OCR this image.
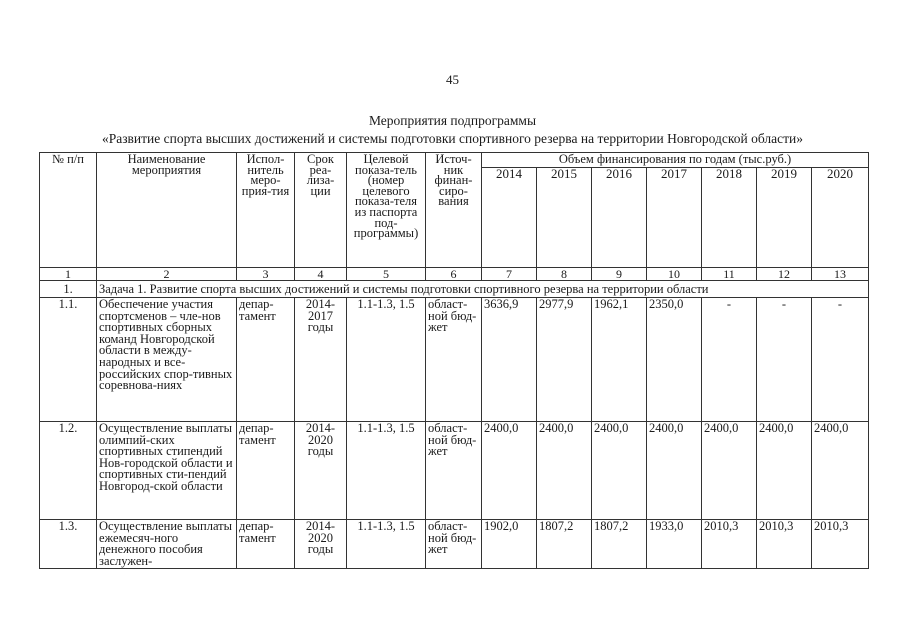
45
Мероприятия подпрограммы
«Развитие спорта высших достижений и системы подготовки спортивного резерва на территории Новгородской области»
№ п/п	Наименование мероприятия	Испол-нитель меро-прия-тия	Срок реа-лиза-ции	Целевой показа-тель (номер целевого показа-теля из паспорта под-программы)	Источ-ник финан-сиро-вания	Объем финансирования по годам (тыс.руб.)						
						2014	2015	2016	2017	2018	2019	2020
1	2	3	4	5	6	7	8	9	10	11	12	13
1.	Задача 1. Развитие спорта высших достижений и системы подготовки спортивного резерва на территории области											
1.1.	Обеспечение участия спортсменов – чле-нов спортивных сборных команд Новгородской области в между-народных и все-российских спор-тивных соревнова-ниях	депар-тамент	2014-2017 годы	1.1-1.3, 1.5	област-ной бюд-жет	3636,9	2977,9	1962,1	2350,0	-	-	-
1.2.	Осуществление выплаты олимпий-ских спортивных стипендий Нов-городской области и спортивных сти-пендий Новгород-ской области	депар-тамент	2014-2020 годы	1.1-1.3, 1.5	област-ной бюд-жет	2400,0	2400,0	2400,0	2400,0	2400,0	2400,0	2400,0
1.3.	Осуществление выплаты ежемесяч-ного денежного пособия заслужен-	депар-тамент	2014-2020 годы	1.1-1.3, 1.5	област-ной бюд-жет	1902,0	1807,2	1807,2	1933,0	2010,3	2010,3	2010,3
